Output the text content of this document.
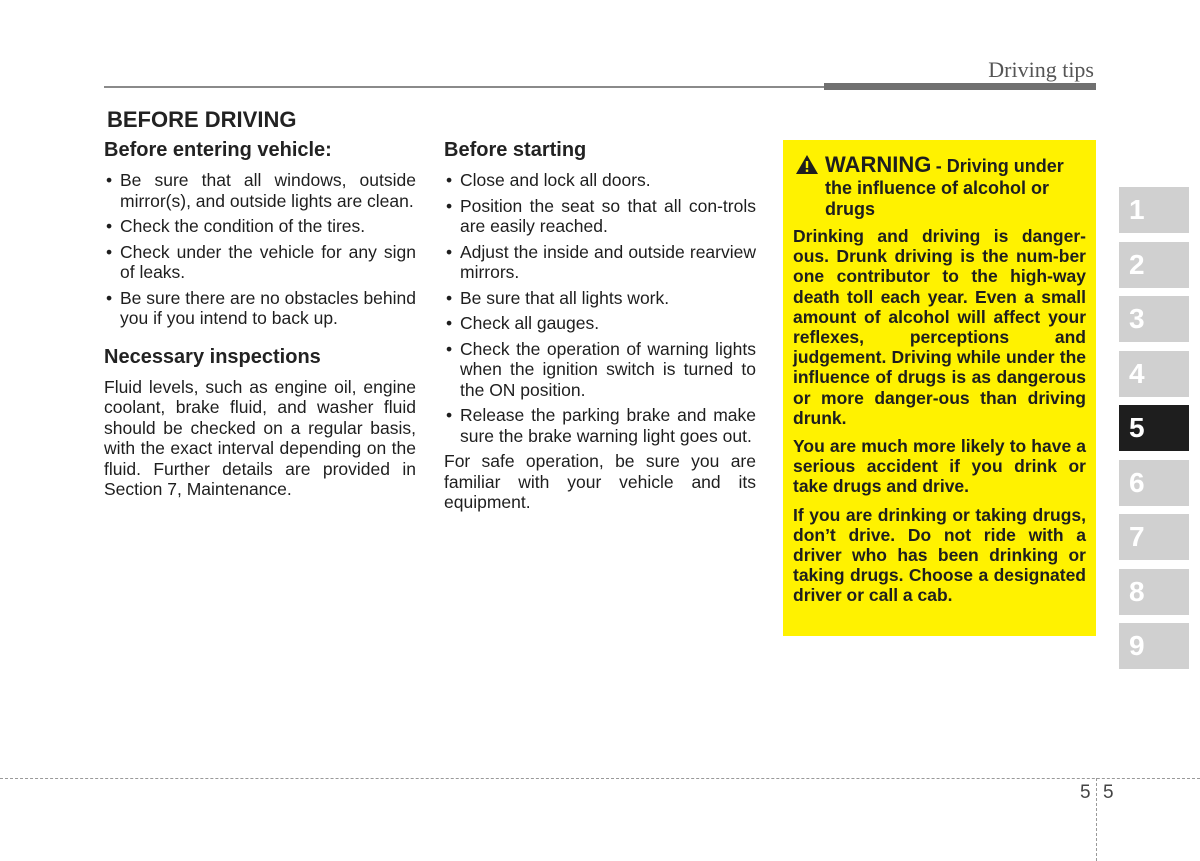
Driving tips
BEFORE DRIVING
Before entering vehicle:
• Be sure that all windows, outside mirror(s), and outside lights are clean.
• Check the condition of the tires.
• Check under the vehicle for any sign of leaks.
• Be sure there are no obstacles behind you if you intend to back up.
Necessary inspections

Fluid levels, such as engine oil, engine coolant, brake fluid, and washer fluid should be checked on a regular basis, with the exact interval depending on the fluid. Further details are provided in Section 7, Maintenance.

Before starting
• Close and lock all doors.
• Position the seat so that all con-trols are easily reached.
• Adjust the inside and outside rearview mirrors.
• Be sure that all lights work.
• Check all gauges.
• Check the operation of warning lights when the ignition switch is turned to the ON position.
• Release the parking brake and make sure the brake warning light goes out.

For safe operation, be sure you are familiar with your vehicle and its equipment.

WARNING - Driving under the influence of alcohol or drugs

Drinking and driving is danger-ous. Drunk driving is the num-ber one contributor to the high-way death toll each year. Even a small amount of alcohol will affect your reflexes, perceptions and judgement. Driving while under the influence of drugs is as dangerous or more danger-ous than driving drunk.

You are much more likely to have a serious accident if you drink or take drugs and drive.

If you are drinking or taking drugs, don’t drive. Do not ride with a driver who has been drinking or taking drugs. Choose a designated driver or call a cab.

1
2
3
4
5
6
7
8
9
5 5
